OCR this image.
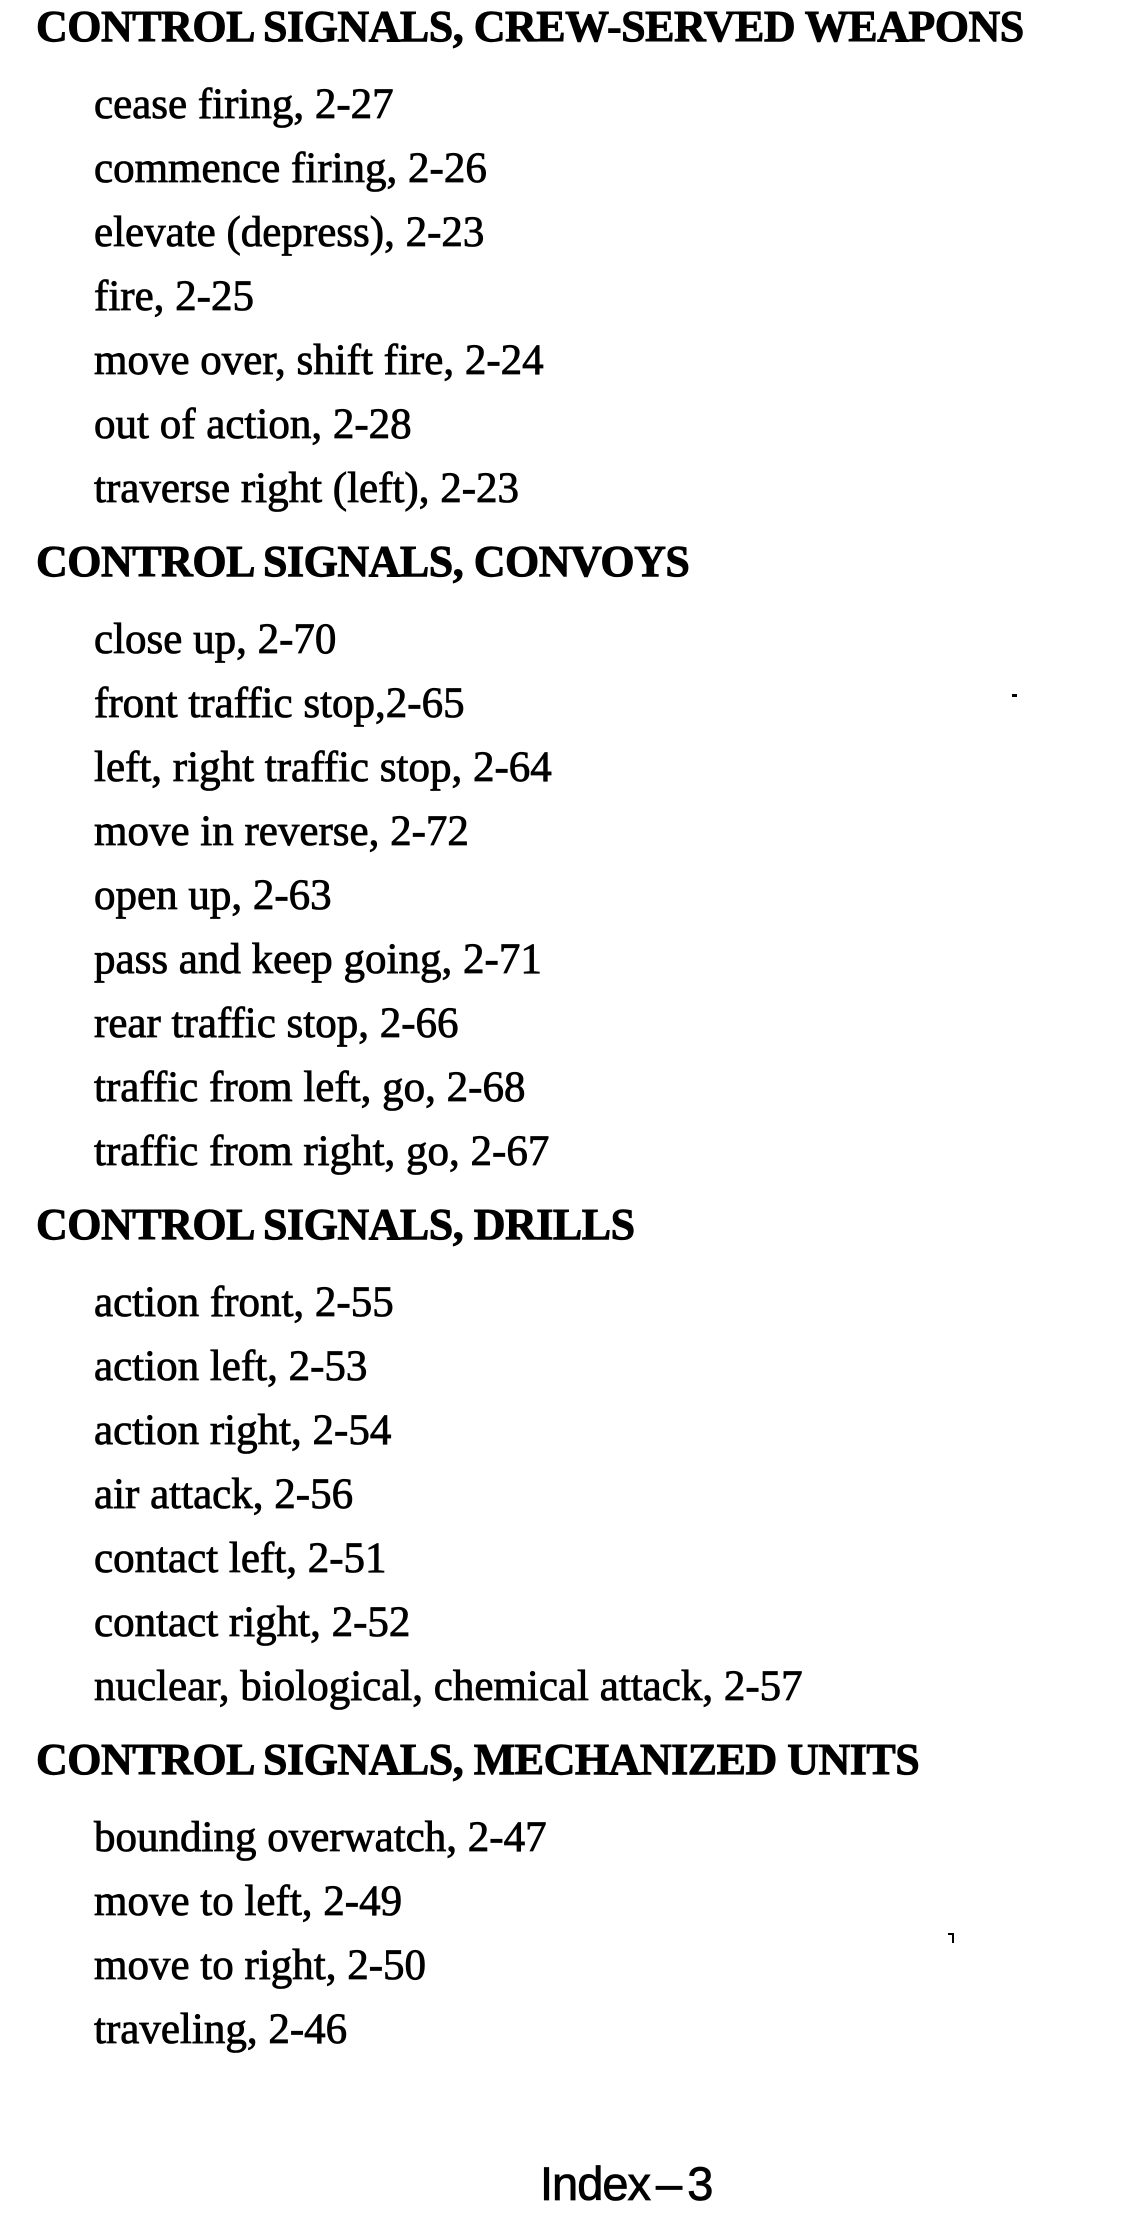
CONTROL SIGNALS, CREW-SERVED WEAPONS

cease firing, 2-27

commence firing, 2-26

elevate (depress), 2-23

fire, 2-25

move over, shift fire, 2-24

out of action, 2-28

traverse right (left), 2-23

CONTROL SIGNALS, CONVOYS

close up, 2-70

front traffic stop,2-65

left, right traffic stop, 2-64

move in reverse, 2-72

open up, 2-63

pass and keep going, 2-71

rear traffic stop, 2-66

traffic from left, go, 2-68

traffic from right, go, 2-67

CONTROL SIGNALS, DRILLS

action front, 2-55

action left, 2-53

action right, 2-54

air attack, 2-56

contact left, 2-51

contact right, 2-52

nuclear, biological, chemical attack, 2-57

CONTROL SIGNALS, MECHANIZED UNITS

bounding overwatch, 2-47

move to left, 2-49

move to right, 2-50

traveling, 2-46

Index – 3
